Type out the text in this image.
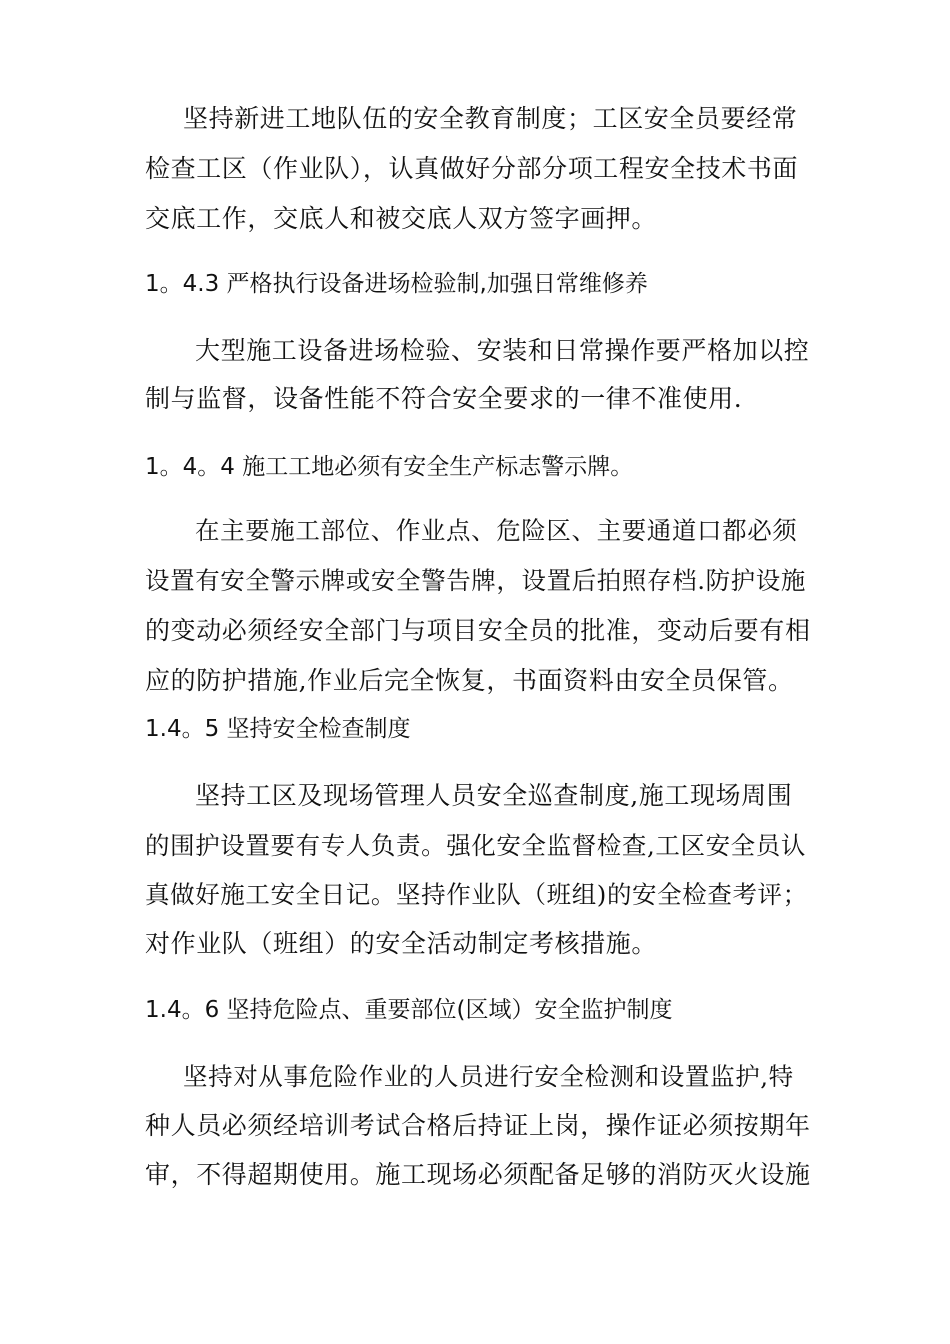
坚持新进工地队伍的安全教育制度；工区安全员要经常
检查工区（作业队），认真做好分部分项工程安全技术书面
交底工作，交底人和被交底人双方签字画押。
1。4.3 严格执行设备进场检验制,加强日常维修养
大型施工设备进场检验、安装和日常操作要严格加以控
制与监督，设备性能不符合安全要求的一律不准使用.
1。4。4 施工工地必须有安全生产标志警示牌。
在主要施工部位、作业点、危险区、主要通道口都必须
设置有安全警示牌或安全警告牌，设置后拍照存档.防护设施
的变动必须经安全部门与项目安全员的批准，变动后要有相
应的防护措施,作业后完全恢复，书面资料由安全员保管。
1.4。5 坚持安全检查制度
坚持工区及现场管理人员安全巡查制度,施工现场周围
的围护设置要有专人负责。强化安全监督检查,工区安全员认
真做好施工安全日记。坚持作业队（班组)的安全检查考评；
对作业队（班组）的安全活动制定考核措施。
1.4。6 坚持危险点、重要部位(区域）安全监护制度
坚持对从事危险作业的人员进行安全检测和设置监护,特
种人员必须经培训考试合格后持证上岗，操作证必须按期年
审，不得超期使用。施工现场必须配备足够的消防灭火设施
